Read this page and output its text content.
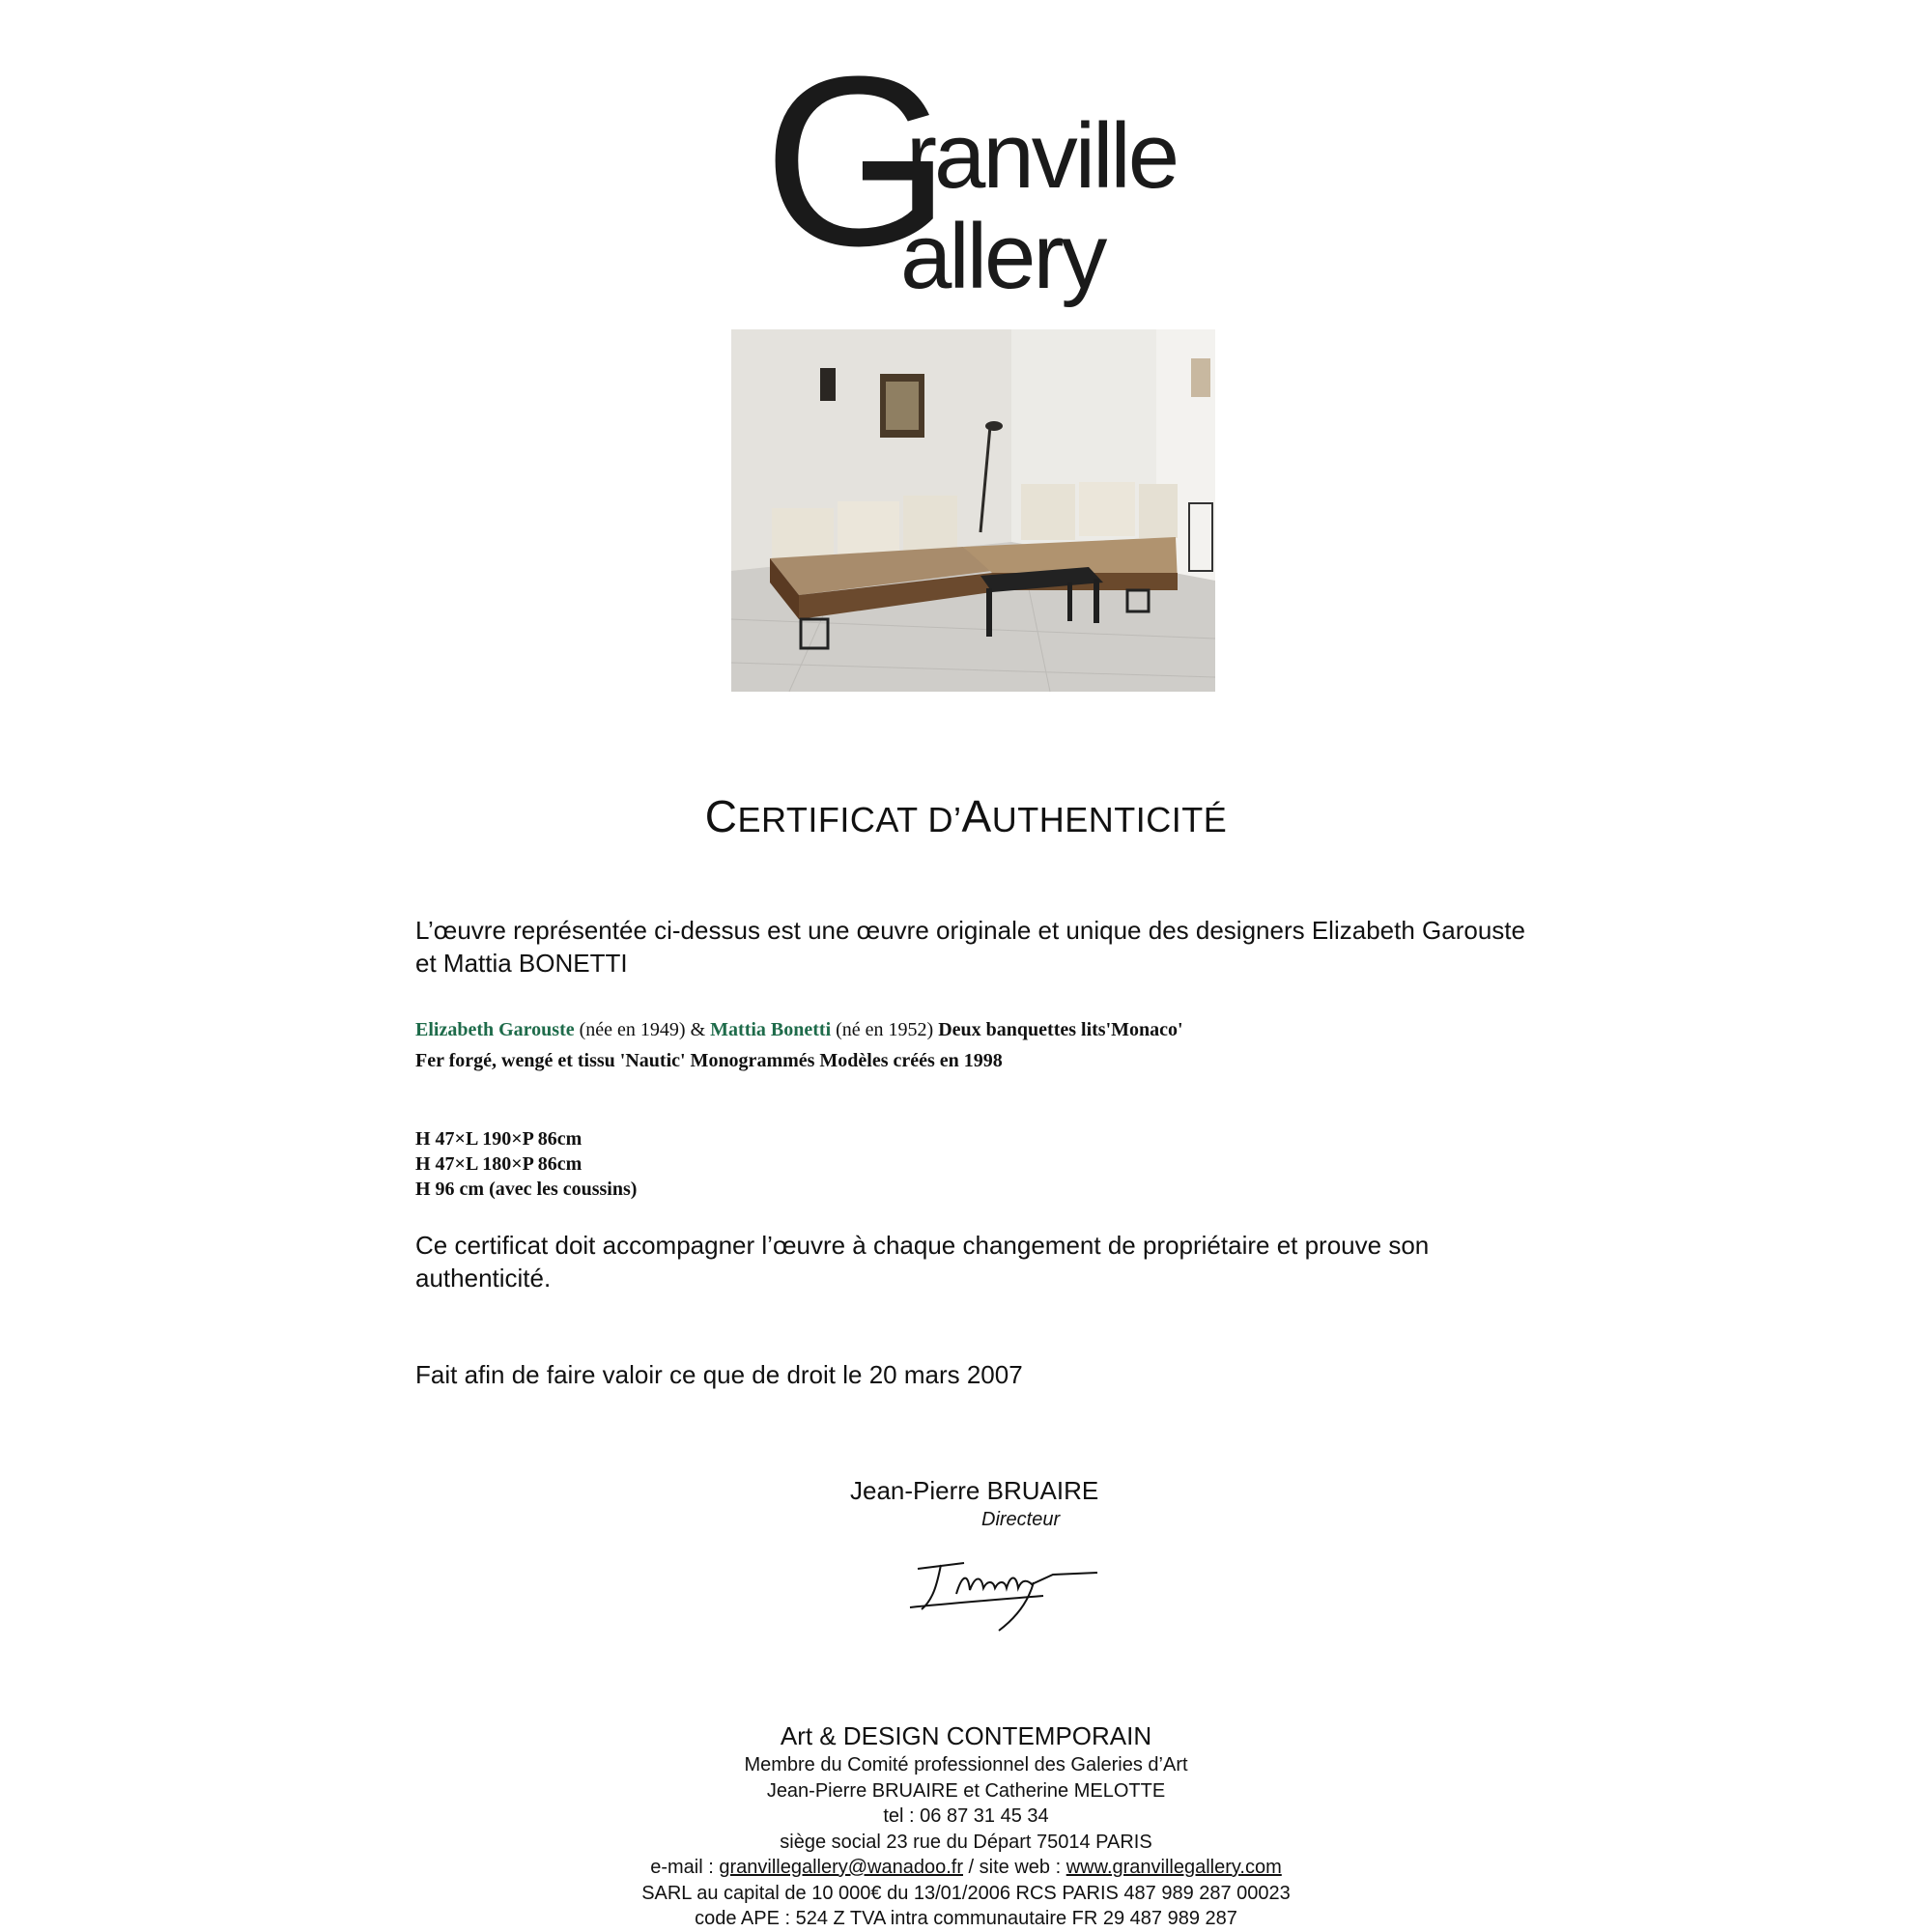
G
ranville
allery
CERTIFICAT D’AUTHENTICITÉ
L’œuvre représentée ci-dessus est une œuvre originale et unique des designers Elizabeth Garouste et Mattia BONETTI
Elizabeth Garouste (née en 1949) & Mattia Bonetti (né en 1952) Deux banquettes lits'Monaco'
Fer forgé, wengé et tissu 'Nautic' Monogrammés Modèles créés en 1998
H 47×L 190×P 86cm
H 47×L 180×P 86cm
H 96 cm (avec les coussins)
Ce certificat doit accompagner l’œuvre à chaque changement de propriétaire et prouve son authenticité.
Fait afin de faire valoir ce que de droit le 20 mars 2007
Jean-Pierre BRUAIRE
Directeur
Art & DESIGN CONTEMPORAIN
Membre du Comité professionnel des Galeries d’Art
Jean-Pierre BRUAIRE et Catherine MELOTTE
tel : 06 87 31 45 34
siège social 23 rue du Départ 75014 PARIS
e-mail : granvillegallery@wanadoo.fr / site web : www.granvillegallery.com
SARL au capital de 10 000€ du 13/01/2006 RCS PARIS 487 989 287 00023
code APE : 524 Z TVA intra communautaire FR 29 487 989 287
